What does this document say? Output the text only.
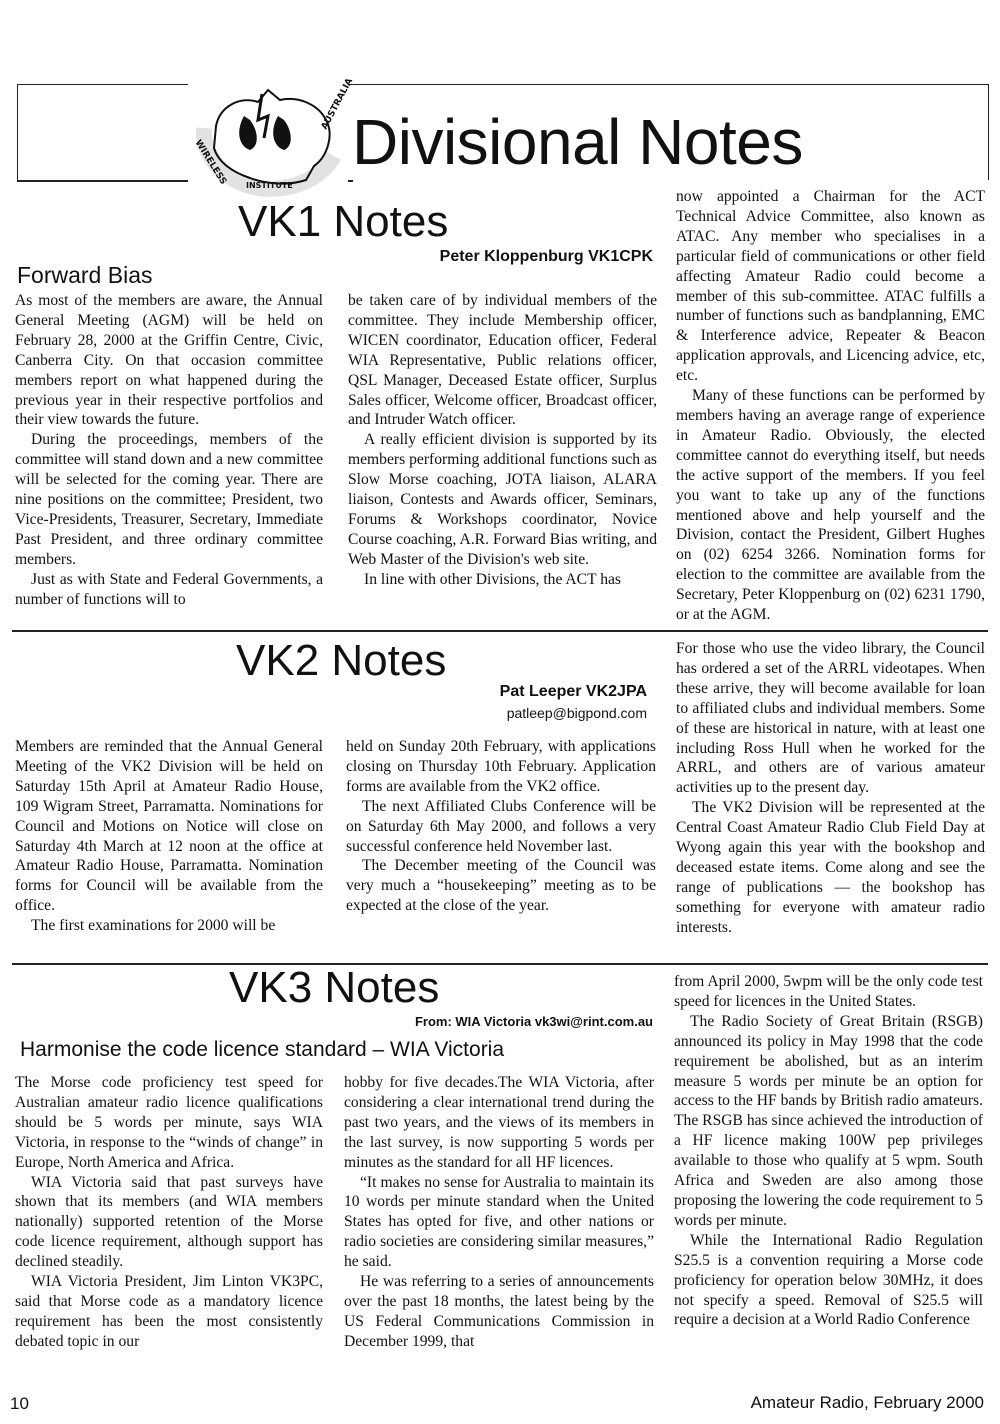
WIRELESS INSTITUTE
AUSTRALIA
Divisional Notes
VK1 Notes
Peter Kloppenburg VK1CPK
Forward Bias

As most of the members are aware, the Annual General Meeting (AGM) will be held on February 28, 2000 at the Griffin Centre, Civic, Canberra City. On that occasion committee members report on what happened during the previous year in their respective portfolios and their view towards the future.

During the proceedings, members of the committee will stand down and a new committee will be selected for the coming year. There are nine positions on the committee; President, two Vice-Presidents, Treasurer, Secretary, Immediate Past President, and three ordinary committee members.

Just as with State and Federal Governments, a number of functions will to

be taken care of by individual members of the committee. They include Membership officer, WICEN coordinator, Education officer, Federal WIA Representative, Public relations officer, QSL Manager, Deceased Estate officer, Surplus Sales officer, Welcome officer, Broadcast officer, and Intruder Watch officer.

A really efficient division is supported by its members performing additional functions such as Slow Morse coaching, JOTA liaison, ALARA liaison, Contests and Awards officer, Seminars, Forums & Workshops coordinator, Novice Course coaching, A.R. Forward Bias writing, and Web Master of the Division's web site.

In line with other Divisions, the ACT has

now appointed a Chairman for the ACT Technical Advice Committee, also known as ATAC. Any member who specialises in a particular field of communications or other field affecting Amateur Radio could become a member of this sub-committee. ATAC fulfills a number of functions such as bandplanning, EMC & Interference advice, Repeater & Beacon application approvals, and Licencing advice, etc, etc.

Many of these functions can be performed by members having an average range of experience in Amateur Radio. Obviously, the elected committee cannot do everything itself, but needs the active support of the members. If you feel you want to take up any of the functions mentioned above and help yourself and the Division, contact the President, Gilbert Hughes on (02) 6254 3266. Nomination forms for election to the committee are available from the Secretary, Peter Kloppenburg on (02) 6231 1790, or at the AGM.

VK2 Notes
Pat Leeper VK2JPA
patleep@bigpond.com

Members are reminded that the Annual General Meeting of the VK2 Division will be held on Saturday 15th April at Amateur Radio House, 109 Wigram Street, Parramatta. Nominations for Council and Motions on Notice will close on Saturday 4th March at 12 noon at the office at Amateur Radio House, Parramatta. Nomination forms for Council will be available from the office.

The first examinations for 2000 will be

held on Sunday 20th February, with applications closing on Thursday 10th February. Application forms are available from the VK2 office.

The next Affiliated Clubs Conference will be on Saturday 6th May 2000, and follows a very successful conference held November last.

The December meeting of the Council was very much a “housekeeping” meeting as to be expected at the close of the year.

For those who use the video library, the Council has ordered a set of the ARRL videotapes. When these arrive, they will become available for loan to affiliated clubs and individual members. Some of these are historical in nature, with at least one including Ross Hull when he worked for the ARRL, and others are of various amateur activities up to the present day.

The VK2 Division will be represented at the Central Coast Amateur Radio Club Field Day at Wyong again this year with the bookshop and deceased estate items. Come along and see the range of publications — the bookshop has something for everyone with amateur radio interests.

VK3 Notes
From: WIA Victoria vk3wi@rint.com.au
Harmonise the code licence standard – WIA Victoria

The Morse code proficiency test speed for Australian amateur radio licence qualifications should be 5 words per minute, says WIA Victoria, in response to the “winds of change” in Europe, North America and Africa.

WIA Victoria said that past surveys have shown that its members (and WIA members nationally) supported retention of the Morse code licence requirement, although support has declined steadily.

WIA Victoria President, Jim Linton VK3PC, said that Morse code as a mandatory licence requirement has been the most consistently debated topic in our

hobby for five decades.The WIA Victoria, after considering a clear international trend during the past two years, and the views of its members in the last survey, is now supporting 5 words per minutes as the standard for all HF licences.

“It makes no sense for Australia to maintain its 10 words per minute standard when the United States has opted for five, and other nations or radio societies are considering similar measures,” he said.

He was referring to a series of announcements over the past 18 months, the latest being by the US Federal Communications Commission in December 1999, that

from April 2000, 5wpm will be the only code test speed for licences in the United States.

The Radio Society of Great Britain (RSGB) announced its policy in May 1998 that the code requirement be abolished, but as an interim measure 5 words per minute be an option for access to the HF bands by British radio amateurs. The RSGB has since achieved the introduction of a HF licence making 100W pep privileges available to those who qualify at 5 wpm. South Africa and Sweden are also among those proposing the lowering the code requirement to 5 words per minute.

While the International Radio Regulation S25.5 is a convention requiring a Morse code proficiency for operation below 30MHz, it does not specify a speed. Removal of S25.5 will require a decision at a World Radio Conference

10	Amateur Radio, February 2000
